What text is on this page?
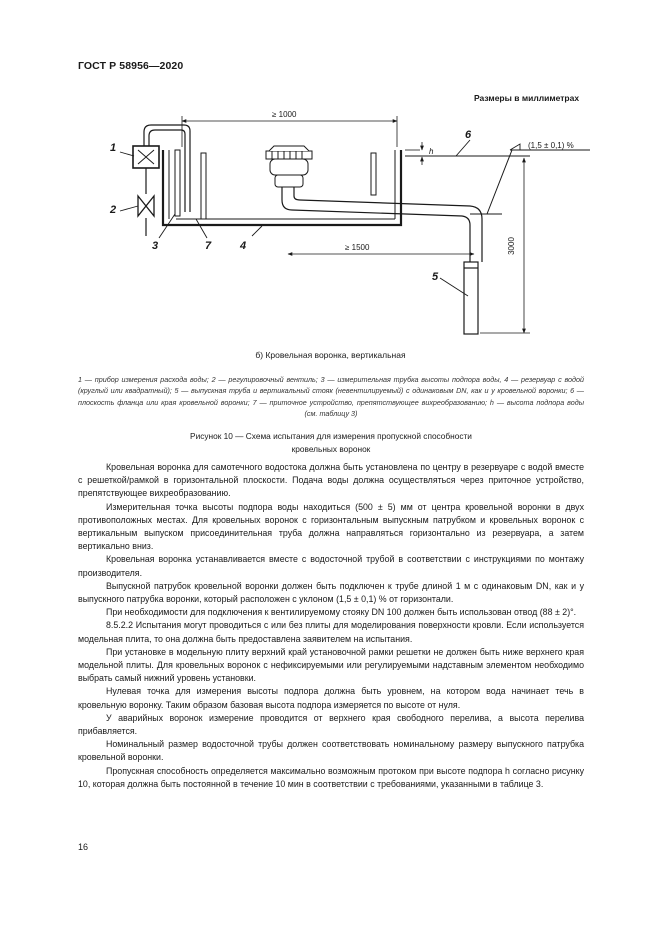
ГОСТ Р 58956—2020
Размеры в миллиметрах
≥ 1000
h
≥ 1500	3000
(1,5 ± 0,1) %
1
2
3	7	4
5
6
б) Кровельная воронка, вертикальная
1 — прибор измерения расхода воды; 2 — регулировочный вентиль; 3 — измерительная трубка высоты подпора воды, 4 — резервуар с водой (круглый или квадратный); 5 — выпускная труба и вертикальный стояк (невентилируемый) с одинаковым DN, как и у кровельной воронки; 6 — плоскость фланца или края кровельной воронки; 7 — приточное устройство, препятствующее вихреобразованию; h — высота подпора воды (см. таблицу 3)
Рисунок 10 — Схема испытания для измерения пропускной способности
кровельных воронок

Кровельная воронка для самотечного водостока должна быть установлена по центру в резервуаре с водой вместе с решеткой/рамкой в горизонтальной плоскости. Подача воды должна осуществляться через приточное устройство, препятствующее вихреобразованию.

Измерительная точка высоты подпора воды находиться (500 ± 5) мм от центра кровельной воронки в двух противоположных местах. Для кровельных воронок с горизонтальным выпускным патрубком и кровельных воронок с вертикальным выпуском присоединительная труба должна направляться горизонтально из резервуара, а затем вертикально вниз.

Кровельная воронка устанавливается вместе с водосточной трубой в соответствии с инструкциями по монтажу производителя.

Выпускной патрубок кровельной воронки должен быть подключен к трубе длиной 1 м с одинаковым DN, как и у выпускного патрубка воронки, который расположен с уклоном (1,5 ± 0,1) % от горизонтали.

При необходимости для подключения к вентилируемому стояку DN 100 должен быть использован отвод (88 ± 2)°.

8.5.2.2 Испытания могут проводиться с или без плиты для моделирования поверхности кровли. Если используется модельная плита, то она должна быть предоставлена заявителем на испытания.

При установке в модельную плиту верхний край установочной рамки решетки не должен быть ниже верхнего края модельной плиты. Для кровельных воронок с нефиксируемыми или регулируемыми надставным элементом необходимо выбрать самый нижний уровень установки.

Нулевая точка для измерения высоты подпора должна быть уровнем, на котором вода начинает течь в кровельную воронку. Таким образом базовая высота подпора измеряется по высоте от нуля.

У аварийных воронок измерение проводится от верхнего края свободного перелива, а высота перелива прибавляется.

Номинальный размер водосточной трубы должен соответствовать номинальному размеру выпускного патрубка кровельной воронки.

Пропускная способность определяется максимально возможным протоком при высоте подпора h согласно рисунку 10, которая должна быть постоянной в течение 10 мин в соответствии с требованиями, указанными в таблице 3.

16
